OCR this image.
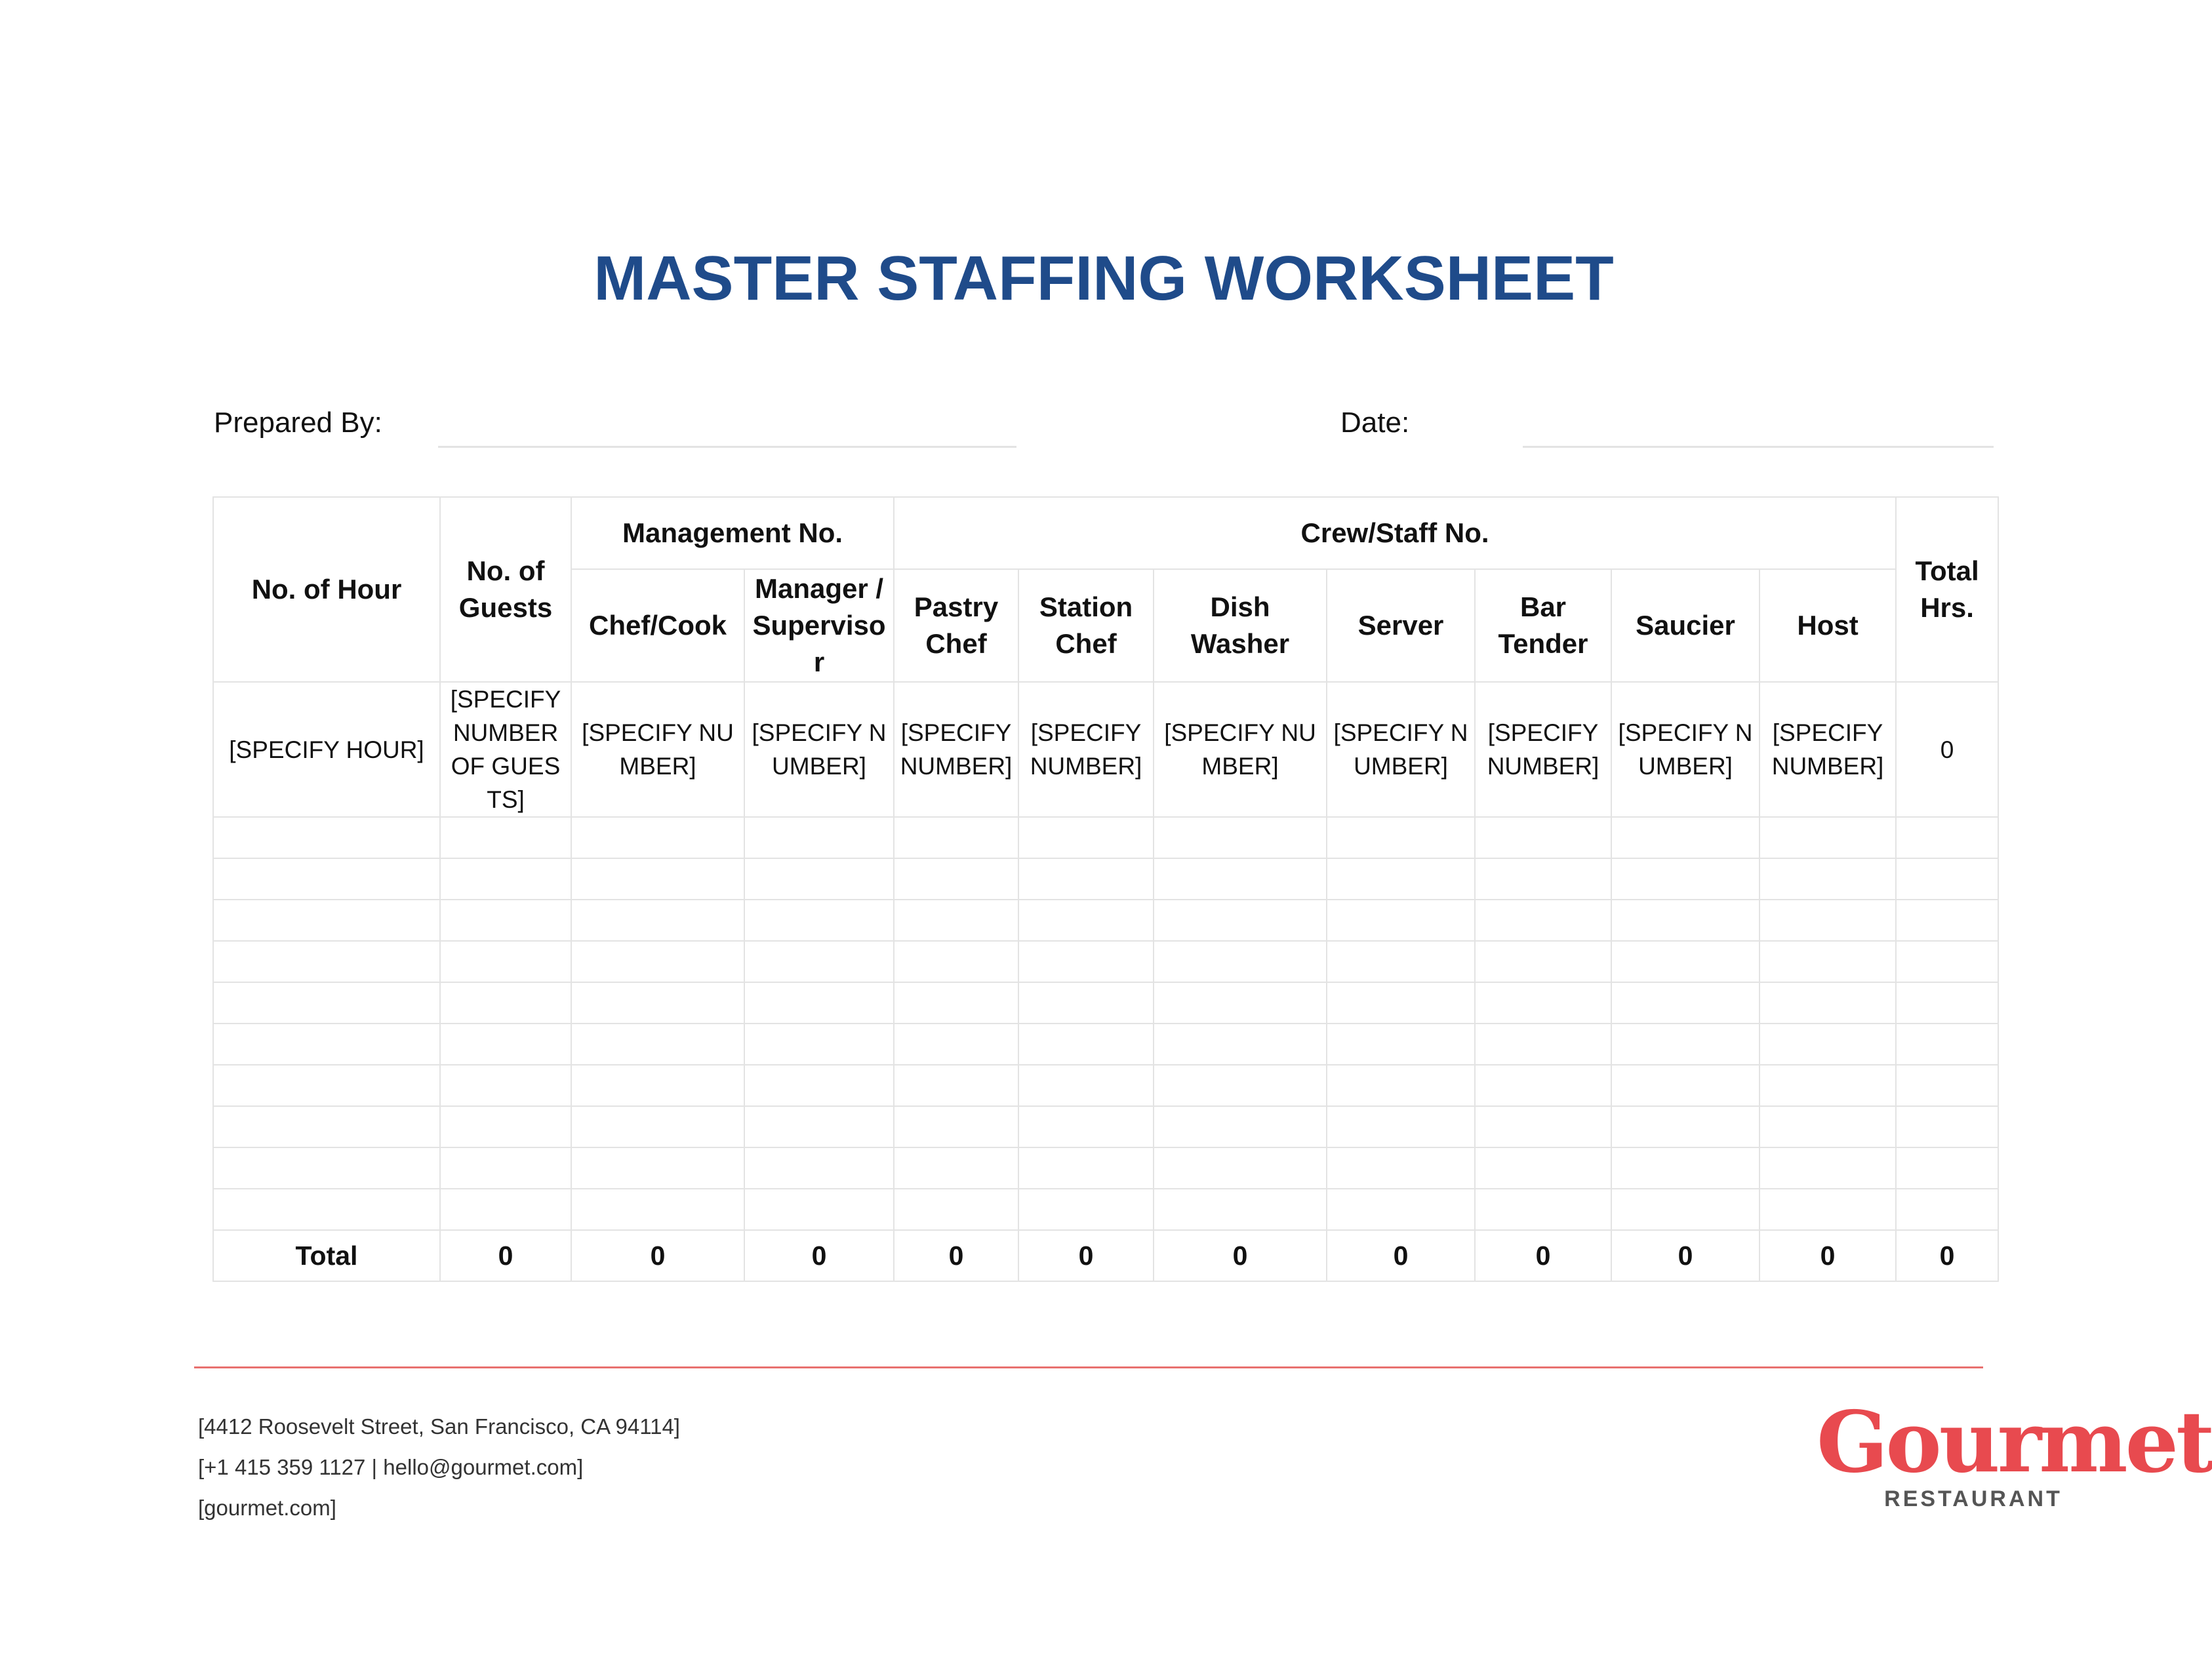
MASTER STAFFING WORKSHEET
Prepared By:	Date:
No. of Hour	No. of Guests	Management No.		Crew/Staff No.							Total Hrs.
		Chef/Cook	Manager /Supervisor	Pastry Chef	Station Chef	Dish Washer	Server	Bar Tender	Saucier	Host	
[SPECIFY HOUR]	[SPECIFY NUMBER OF GUESTS]	[SPECIFY NUMBER]	[SPECIFY NUMBER]	[SPECIFY NUMBER]	[SPECIFY NUMBER]	[SPECIFY NUMBER]	[SPECIFY NUMBER]	[SPECIFY NUMBER]	[SPECIFY NUMBER]	[SPECIFY NUMBER]	0

Total	0	0	0	0	0	0	0	0	0	0	0
[4412 Roosevelt Street, San Francisco, CA 94114]
[+1 415 359 1127 | hello@gourmet.com]
[gourmet.com]
Gourmet
RESTAURANT
